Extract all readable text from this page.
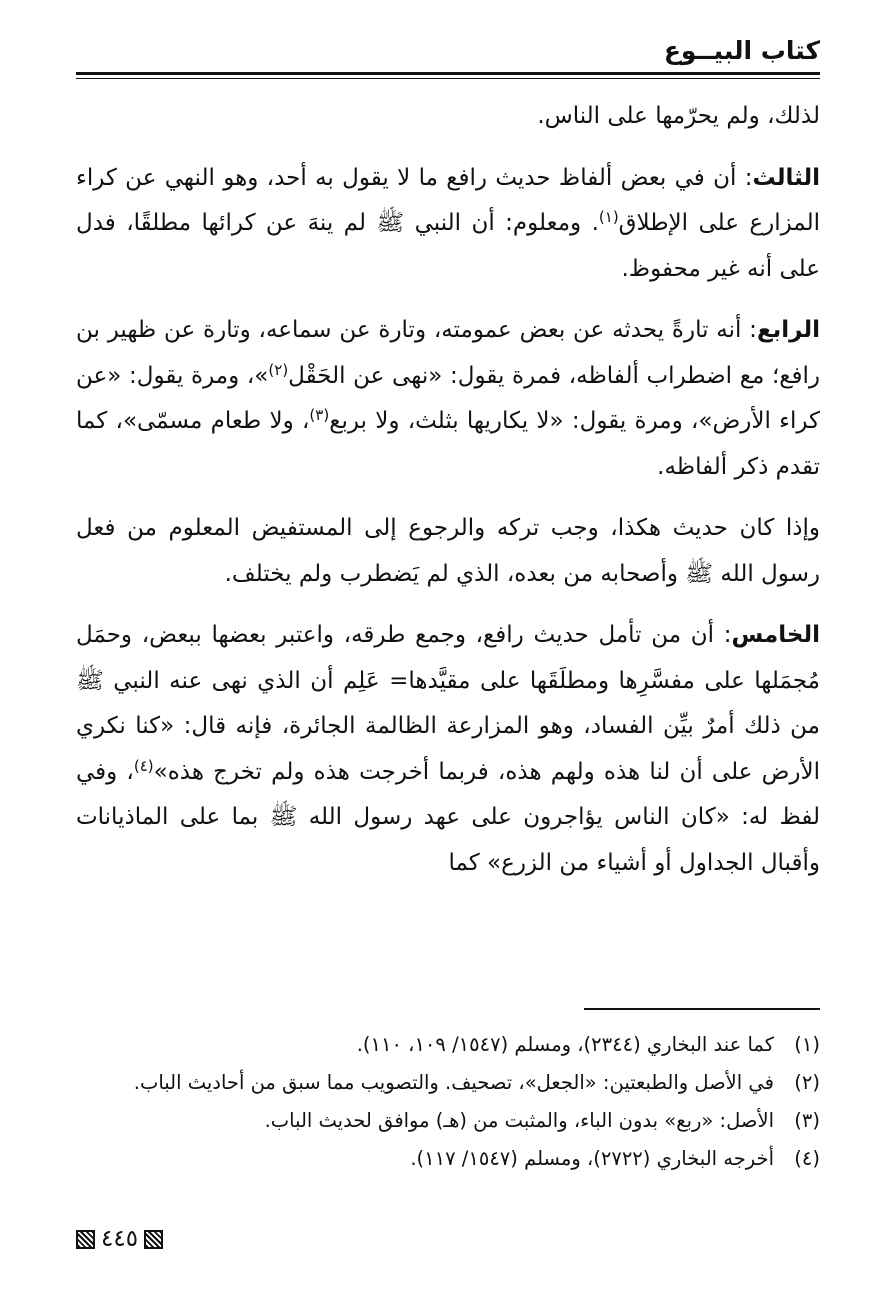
كتاب البيــوع

لذلك، ولم يحرّمها على الناس.

الثالث: أن في بعض ألفاظ حديث رافع ما لا يقول به أحد، وهو النهي عن كراء المزارع على الإطلاق$^{(١)}$. ومعلوم: أن النبي ﷺ لم ينهَ عن كرائها مطلقًا، فدل على أنه غير محفوظ.

الرابع: أنه تارةً يحدثه عن بعض عمومته، وتارة عن سماعه، وتارة عن ظهير بن رافع؛ مع اضطراب ألفاظه، فمرة يقول: «نهى عن الحَقْل$^{(٢)}$»، ومرة يقول: «عن كراء الأرض»، ومرة يقول: «لا يكاريها بثلث، ولا بربع$^{(٣)}$، ولا طعام مسمّى»، كما تقدم ذكر ألفاظه.

وإذا كان حديث هكذا، وجب تركه والرجوع إلى المستفيض المعلوم من فعل رسول الله ﷺ وأصحابه من بعده، الذي لم يَضطرب ولم يختلف.

الخامس: أن من تأمل حديث رافع، وجمع طرقه، واعتبر بعضها ببعض، وحمَل مُجمَلها على مفسَّرِها ومطلَقَها على مقيَّدها= عَلِم أن الذي نهى عنه النبي ﷺ من ذلك أمرٌ بيِّن الفساد، وهو المزارعة الظالمة الجائرة، فإنه قال: «كنا نكري الأرض على أن لنا هذه ولهم هذه، فربما أخرجت هذه ولم تخرج هذه»$^{(٤)}$، وفي لفظ له: «كان الناس يؤاجرون على عهد رسول الله ﷺ بما على الماذيانات وأقبال الجداول أو أشياء من الزرع» كما

(١)كما عند البخاري (٢٣٤٤)، ومسلم (١٥٤٧/ ١٠٩، ١١٠).
(٢)في الأصل والطبعتين: «الجعل»، تصحيف. والتصويب مما سبق من أحاديث الباب.
(٣)الأصل: «ربع» بدون الباء، والمثبت من (هـ) موافق لحديث الباب.
(٤)أخرجه البخاري (٢٧٢٢)، ومسلم (١٥٤٧/ ١١٧).
٤٤٥
